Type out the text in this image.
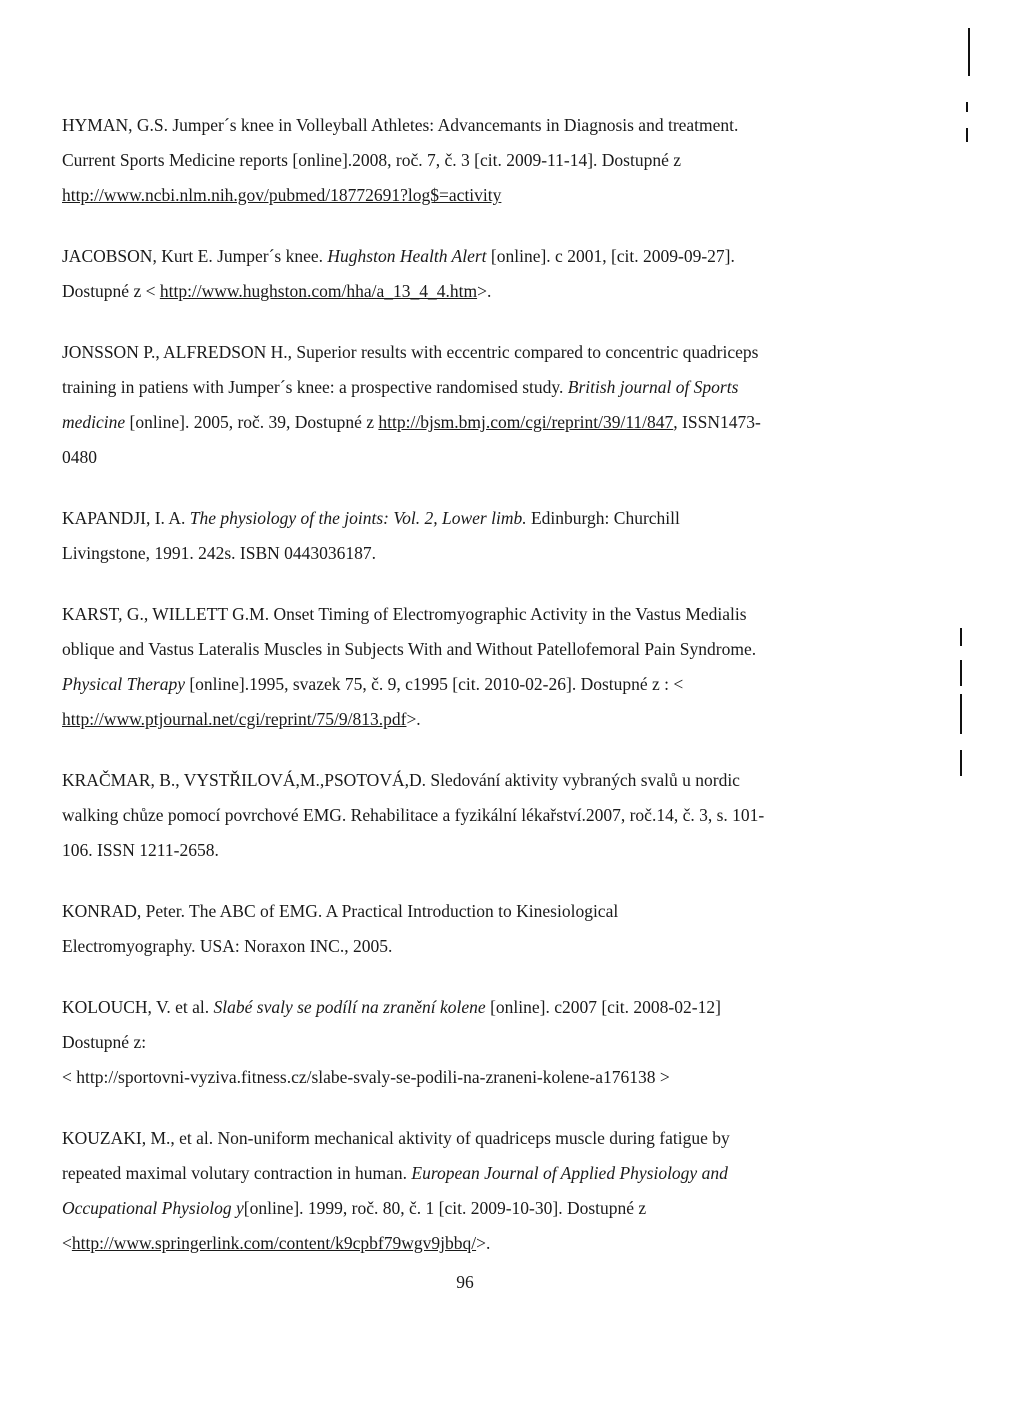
HYMAN, G.S. Jumper´s knee in Volleyball Athletes: Advancemants in Diagnosis and treatment.
Current Sports Medicine reports [online].2008, roč. 7, č. 3 [cit. 2009-11-14]. Dostupné z
http://www.ncbi.nlm.nih.gov/pubmed/18772691?log$=activity
JACOBSON, Kurt E. Jumper´s knee. Hughston Health Alert [online]. c 2001, [cit. 2009-09-27].
Dostupné z < http://www.hughston.com/hha/a_13_4_4.htm>.
JONSSON P., ALFREDSON H., Superior results with eccentric compared to concentric quadriceps
training in patiens with Jumper´s knee: a prospective randomised study. British journal of Sports
medicine [online]. 2005, roč. 39, Dostupné z http://bjsm.bmj.com/cgi/reprint/39/11/847, ISSN1473-
0480
KAPANDJI, I. A. The physiology of the joints: Vol. 2, Lower limb. Edinburgh: Churchill
Livingstone, 1991. 242s. ISBN 0443036187.
KARST, G., WILLETT G.M. Onset Timing of Electromyographic Activity in the Vastus Medialis
oblique and Vastus Lateralis Muscles in Subjects With and Without Patellofemoral Pain Syndrome.
Physical Therapy [online].1995, svazek 75, č. 9, c1995 [cit. 2010-02-26]. Dostupné z : <
http://www.ptjournal.net/cgi/reprint/75/9/813.pdf>.
KRAČMAR, B., VYSTŘILOVÁ,M.,PSOTOVÁ,D. Sledování aktivity vybraných svalů u nordic
walking chůze pomocí povrchové EMG. Rehabilitace a fyzikální lékařství.2007, roč.14, č. 3, s. 101-
106. ISSN 1211-2658.
KONRAD, Peter. The ABC of EMG. A Practical Introduction to Kinesiological
Electromyography. USA: Noraxon INC., 2005.
KOLOUCH, V. et al. Slabé svaly se podílí na zranění kolene [online]. c2007 [cit. 2008-02-12]
Dostupné z:
< http://sportovni-vyziva.fitness.cz/slabe-svaly-se-podili-na-zraneni-kolene-a176138 >
KOUZAKI, M., et al. Non-uniform mechanical aktivity of quadriceps muscle during fatigue by
repeated maximal volutary contraction in human. European Journal of Applied Physiology and
Occupational Physiolog y[online]. 1999, roč. 80, č. 1 [cit. 2009-10-30]. Dostupné z
<http://www.springerlink.com/content/k9cpbf79wgv9jbbq/>.
96
